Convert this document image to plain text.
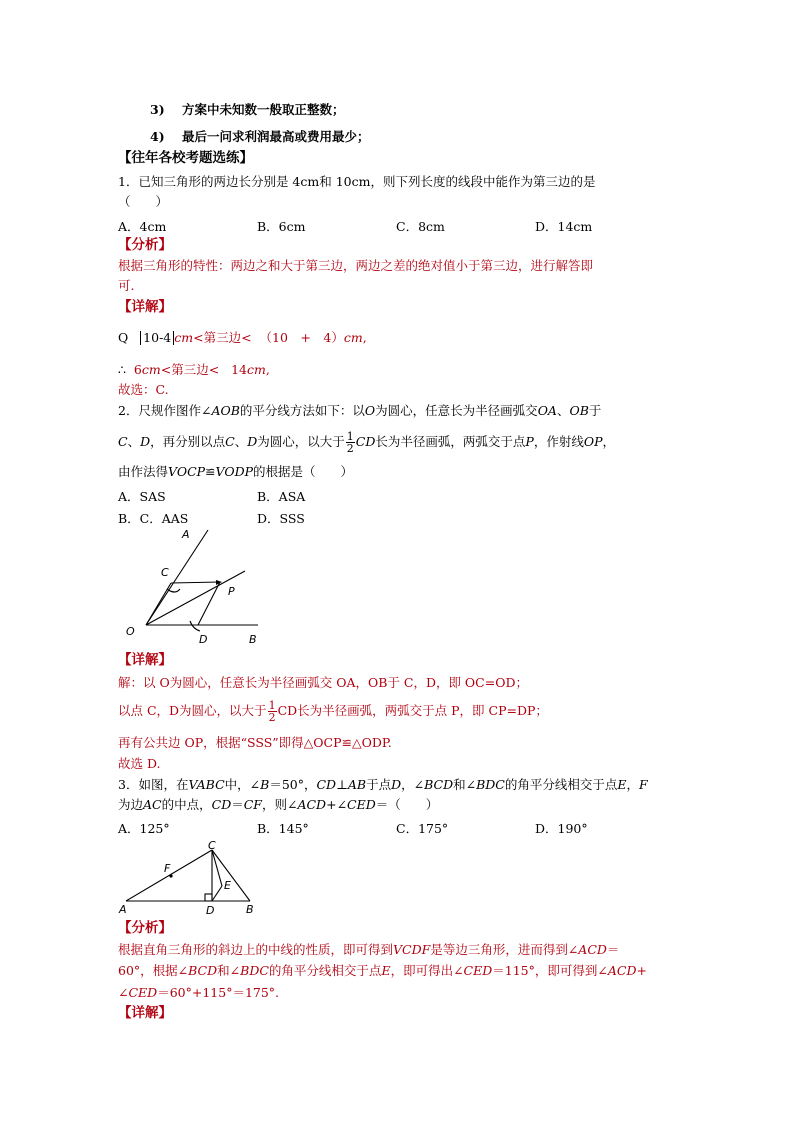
3) 方案中未知数一般取正整数；
4) 最后一问求利润最高或费用最少；
【往年各校考题选练】
1．已知三角形的两边长分别是 4cm和 10cm，则下列长度的线段中能作为第三边的是
（　　）
A．4cm	B．6cm	C．8cm	D．14cm
【分析】
根据三角形的特性：两边之和大于第三边，两边之差的绝对值小于第三边，进行解答即
可.
【详解】
Q 10-4 cm<第三边< （10　+　4）cm,
∴ 6cm<第三边< 14cm,
故选：C.
2．尺规作图作∠AOB的平分线方法如下：以O为圆心，任意长为半径画弧交OA、OB于
C、D，再分别以点C、D为圆心，以大于 $\frac{1}{2}$ CD长为半径画弧，两弧交于点P，作射线OP，
由作法得VOCP≌VODP的根据是（　　）
A．SAS	B．ASA
B．C．AAS	D．SSS
A
C
P
O
D	B
【详解】
解：以 O为圆心，任意长为半径画弧交 OA，OB于 C，D，即 OC=OD；
以点 C，D为圆心，以大于 $\frac{1}{2}$ CD长为半径画弧，两弧交于点 P，即 CP=DP；
再有公共边 OP，根据“SSS”即得△OCP≌△ODP.
故选 D.
3．如图，在VABC中，∠B＝50°，CD⊥AB于点D，∠BCD和∠BDC的角平分线相交于点E，F
为边AC的中点，CD＝CF，则∠ACD+∠CED＝（　　）
A．125°	B．145°	C．175°	D．190°
C
F
E
A	D	B
【分析】
根据直角三角形的斜边上的中线的性质，即可得到VCDF是等边三角形，进而得到∠ACD＝
60°，根据∠BCD和∠BDC的角平分线相交于点E，即可得出∠CED＝115°，即可得到∠ACD+
∠CED＝60°+115°＝175°.
【详解】
